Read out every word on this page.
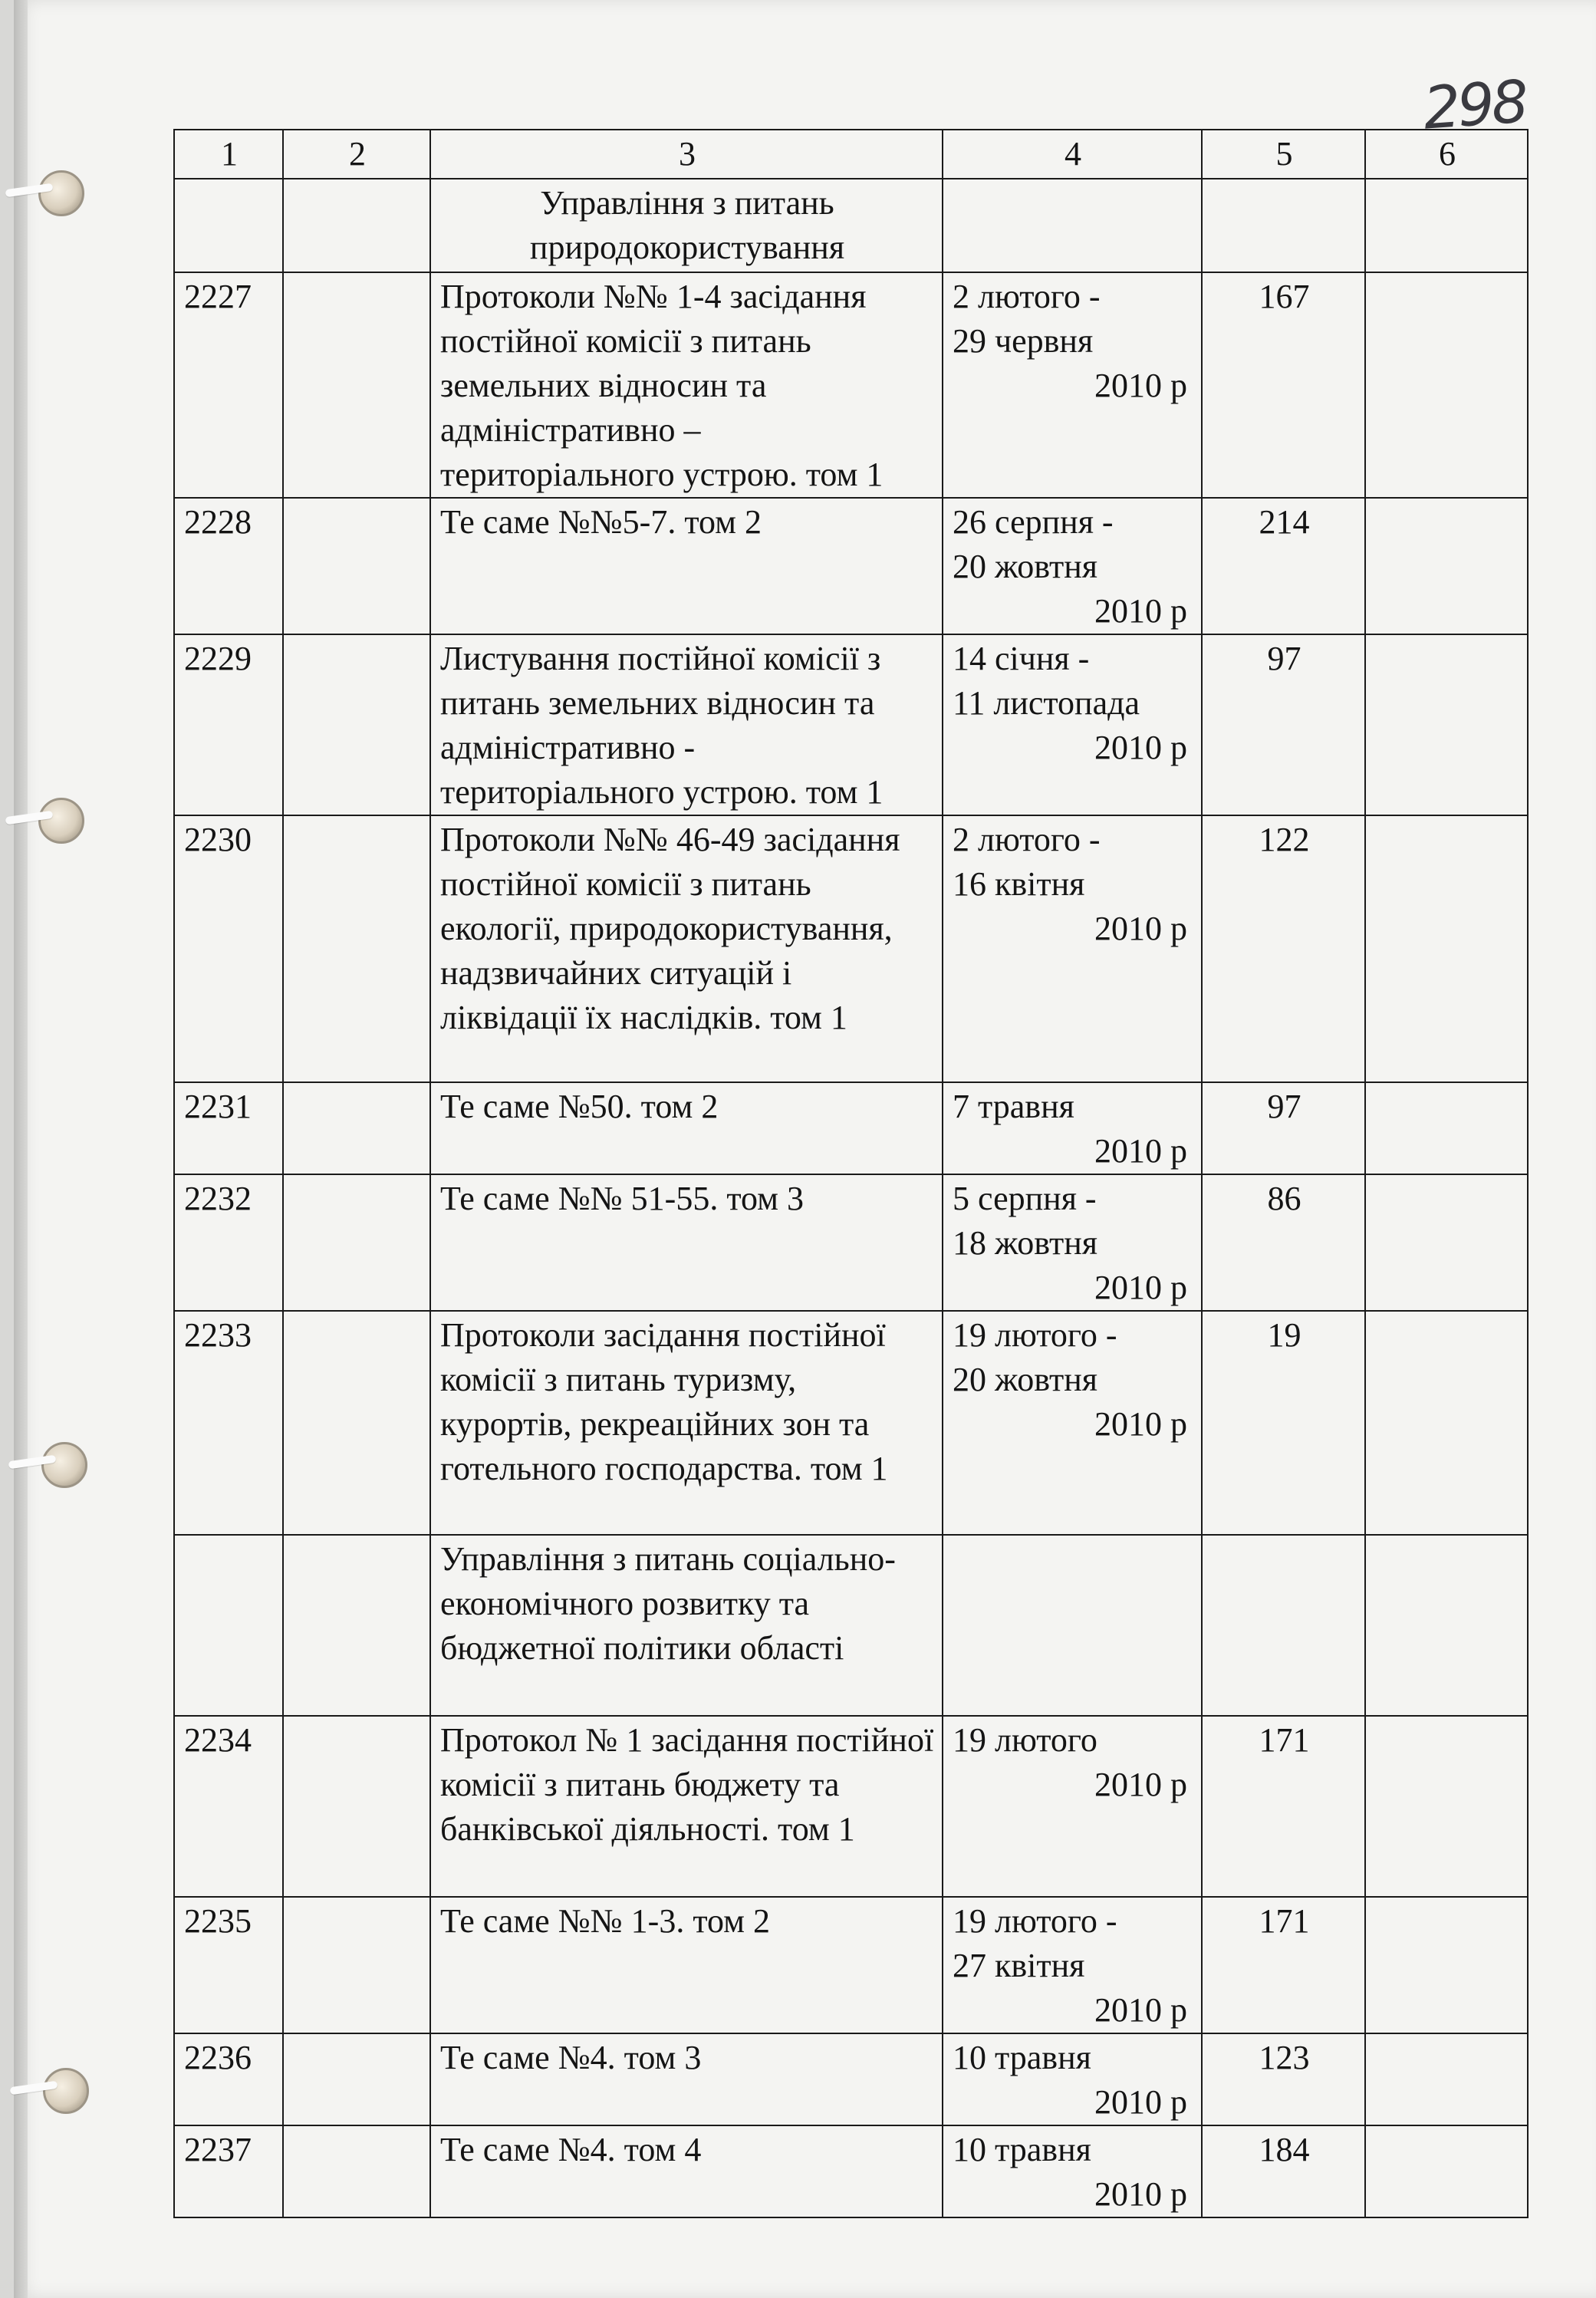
298
1	2	3	4	5	6
		Управління з питань природокористування			
2227		Протоколи №№ 1-4 засідання постійної комісії з питань земельних відносин та адміністративно – територіального устрою. том 1	2 лютого -
29 червня
2010 р	167	
2228		Те саме №№5-7. том 2	26 серпня -
20 жовтня
2010 р	214	
2229		Листування постійної комісії з питань земельних відносин та адміністративно - територіального устрою. том 1	14 січня -
11 листопада
2010 р	97	
2230		Протоколи №№ 46-49 засідання постійної комісії з питань екології, природокористування, надзвичайних ситуацій і ліквідації їх наслідків. том 1	2 лютого -
16 квітня
2010 р	122	
2231		Те саме №50. том 2	7 травня
2010 р	97	
2232		Те саме №№ 51-55. том 3	5 серпня -
18 жовтня
2010 р	86	
2233		Протоколи засідання постійної комісії з питань туризму, курортів, рекреаційних зон та готельного господарства. том 1	19 лютого -
20 жовтня
2010 р	19	
		Управління з питань соціально-економічного розвитку та бюджетної політики області			
2234		Протокол № 1 засідання постійної комісії з питань бюджету та банківської діяльності. том 1	19 лютого
2010 р	171	
2235		Те саме №№ 1-3. том 2	19 лютого -
27 квітня
2010 р	171	
2236		Те саме №4. том 3	10 травня
2010 р	123	
2237		Те саме №4. том 4	10 травня
2010 р	184	
